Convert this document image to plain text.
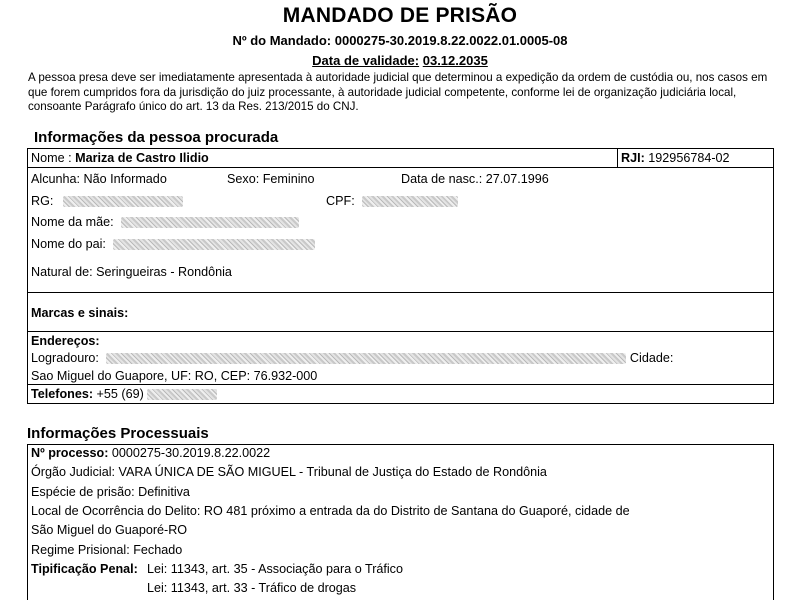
MANDADO DE PRISÃO
Nº do Mandado: 0000275-30.2019.8.22.0022.01.0005-08
Data de validade: 03.12.2035
A pessoa presa deve ser imediatamente apresentada à autoridade judicial que determinou a expedição da ordem de custódia ou, nos casos em que forem cumpridos fora da jurisdição do juiz processante, à autoridade judicial competente, conforme lei de organização judiciária local, consoante Parágrafo único do art. 13 da Res. 213/2015 do CNJ.
Informações da pessoa procurada
Nome : Mariza de Castro Ilidio	RJI: 192956784-02
Alcunha: Não Informado	Sexo: Feminino	Data de nasc.: 27.07.1996
RG:	CPF:
Nome da mãe:
Nome do pai:
Natural de: Seringueiras - Rondônia
Marcas e sinais:
Endereços:
Logradouro:	Cidade:
Sao Miguel do Guapore, UF: RO, CEP: 76.932-000
Telefones: +55 (69)
Informações Processuais
Nº processo: 0000275-30.2019.8.22.0022
Órgão Judicial: VARA ÚNICA DE SÃO MIGUEL - Tribunal de Justiça do Estado de Rondônia
Espécie de prisão: Definitiva
Local de Ocorrência do Delito: RO 481 próximo a entrada da do Distrito de Santana do Guaporé, cidade de
São Miguel do Guaporé-RO
Regime Prisional: Fechado
Tipificação Penal: Lei: 11343, art. 35 - Associação para o Tráfico
Lei: 11343, art. 33 - Tráfico de drogas
